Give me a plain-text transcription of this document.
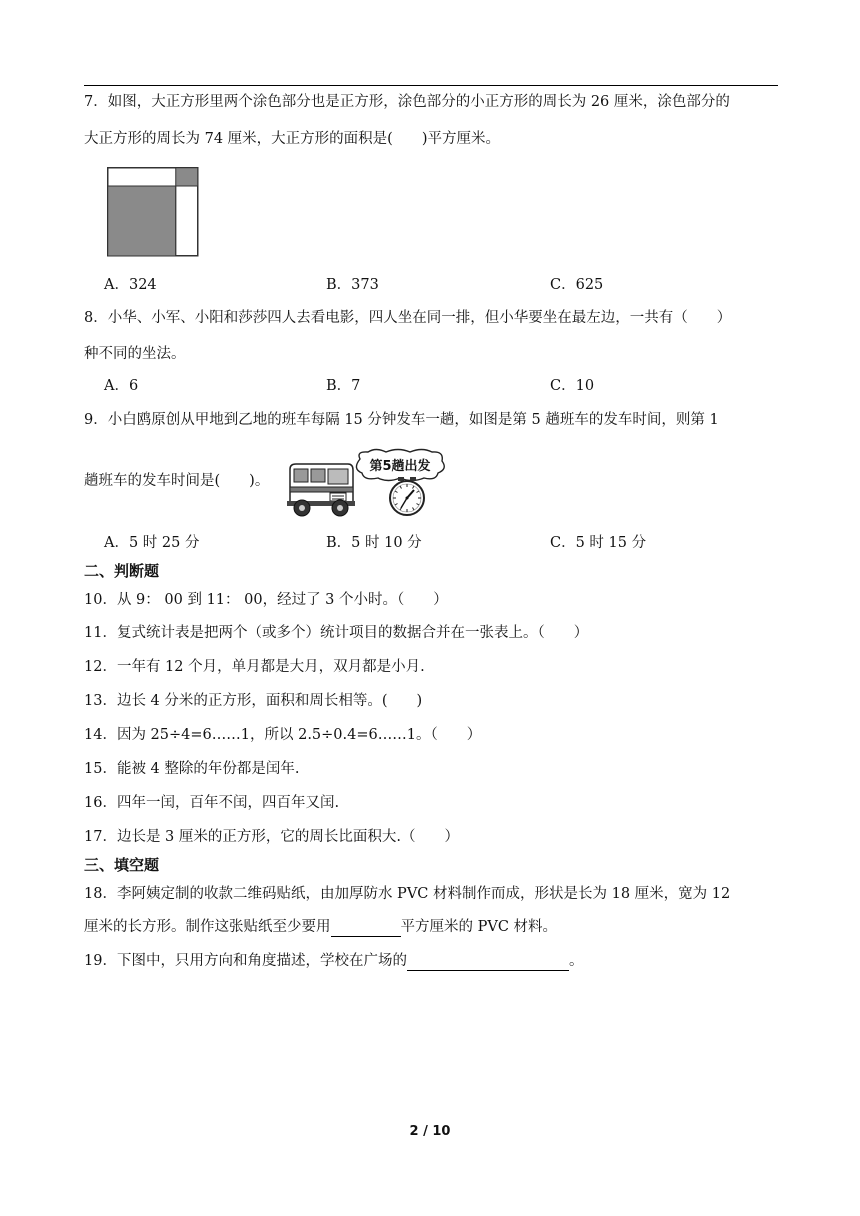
7．如图，大正方形里两个涂色部分也是正方形，涂色部分的小正方形的周长为 26 厘米，涂色部分的
大正方形的周长为 74 厘米，大正方形的面积是(　　)平方厘米。
A．324	B．373	C．625
8．小华、小军、小阳和莎莎四人去看电影，四人坐在同一排，但小华要坐在最左边，一共有（　　）
种不同的坐法。
A．6	B．7	C．10
9．小白鸥原创从甲地到乙地的班车每隔 15 分钟发车一趟，如图是第 5 趟班车的发车时间，则第 1
趟班车的发车时间是(　　)。
第5趟出发
A．5 时 25 分	B．5 时 10 分	C．5 时 15 分
二、判断题
10．从 9： 00 到 11： 00，经过了 3 个小时。（　　）
11．复式统计表是把两个（或多个）统计项目的数据合并在一张表上。（　　）
12．一年有 12 个月，单月都是大月，双月都是小月.
13．边长 4 分米的正方形，面积和周长相等。(　　)
14．因为 25÷4=6……1，所以 2.5÷0.4=6……1。（　　）
15．能被 4 整除的年份都是闰年.
16．四年一闰，百年不闰，四百年又闰.
17．边长是 3 厘米的正方形，它的周长比面积大.（　　）
三、填空题
18．李阿姨定制的收款二维码贴纸，由加厚防水 PVC 材料制作而成，形状是长为 18 厘米，宽为 12
厘米的长方形。制作这张贴纸至少要用	平方厘米的 PVC 材料。
19．下图中，只用方向和角度描述，学校在广场的	。
2 / 10
